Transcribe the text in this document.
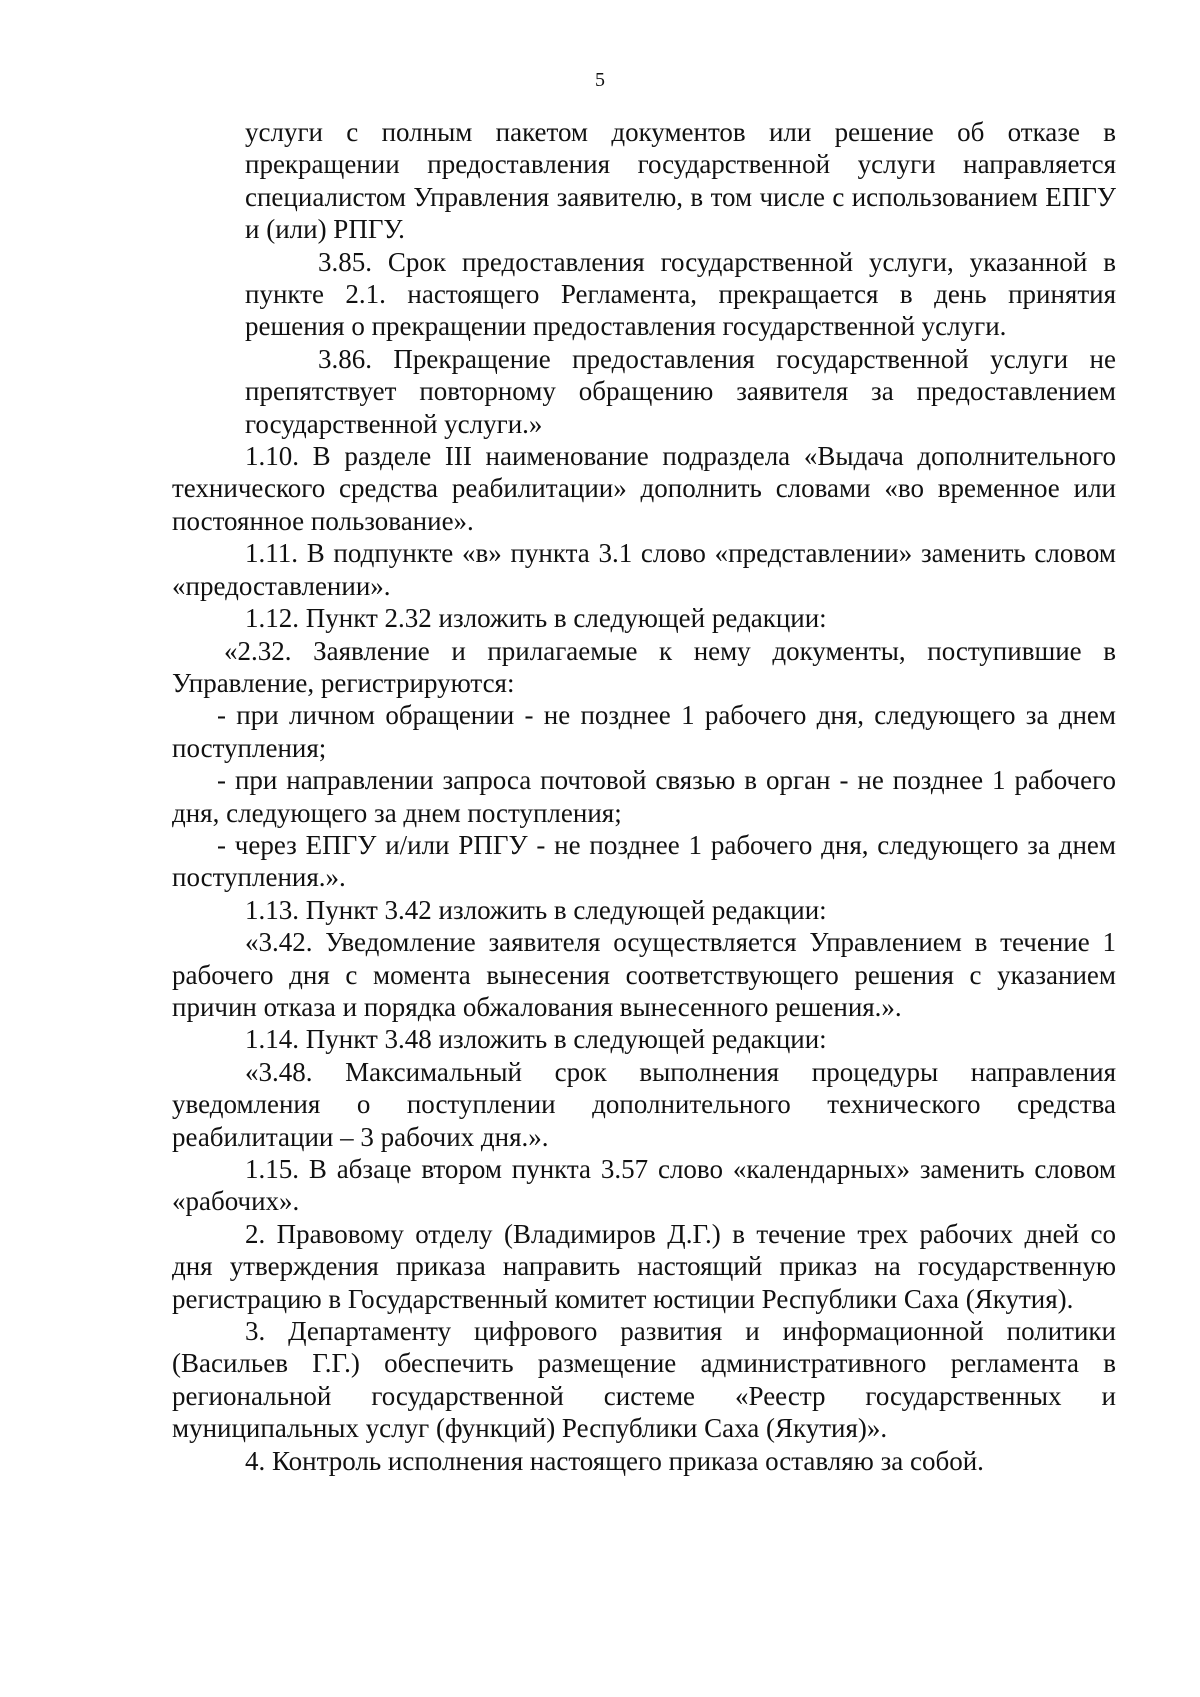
5

услуги с полным пакетом документов или решение об отказе в прекращении предоставления государственной услуги направляется специалистом Управления заявителю, в том числе с использованием ЕПГУ и (или) РПГУ.

3.85. Срок предоставления государственной услуги, указанной в пункте 2.1. настоящего Регламента, прекращается в день принятия решения о прекращении предоставления государственной услуги.

3.86. Прекращение предоставления государственной услуги не препятствует повторному обращению заявителя за предоставлением государственной услуги.»

1.10. В разделе III наименование подраздела «Выдача дополнительного технического средства реабилитации» дополнить словами «во временное или постоянное пользование».

1.11. В подпункте «в» пункта 3.1 слово «представлении» заменить словом «предоставлении».

1.12. Пункт 2.32 изложить в следующей редакции:

«2.32. Заявление и прилагаемые к нему документы, поступившие в Управление, регистрируются:

- при личном обращении - не позднее 1 рабочего дня, следующего за днем поступления;

- при направлении запроса почтовой связью в орган - не позднее 1 рабочего дня, следующего за днем поступления;

- через ЕПГУ и/или РПГУ - не позднее 1 рабочего дня, следующего за днем поступления.».

1.13. Пункт 3.42 изложить в следующей редакции:

«3.42. Уведомление заявителя осуществляется Управлением в течение 1 рабочего дня с момента вынесения соответствующего решения с указанием причин отказа и порядка обжалования вынесенного решения.».

1.14. Пункт 3.48 изложить в следующей редакции:

«3.48. Максимальный срок выполнения процедуры направления уведомления о поступлении дополнительного технического средства реабилитации – 3 рабочих дня.».

1.15. В абзаце втором пункта 3.57 слово «календарных» заменить словом «рабочих».

2. Правовому отделу (Владимиров Д.Г.) в течение трех рабочих дней со дня утверждения приказа направить настоящий приказ на государственную регистрацию в Государственный комитет юстиции Республики Саха (Якутия).

3. Департаменту цифрового развития и информационной политики (Васильев Г.Г.) обеспечить размещение административного регламента в региональной государственной системе «Реестр государственных и муниципальных услуг (функций) Республики Саха (Якутия)».

4. Контроль исполнения настоящего приказа оставляю за собой.
